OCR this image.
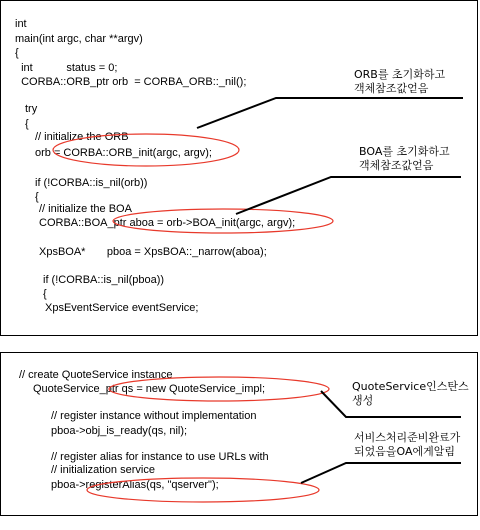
int
main(int argc, char **argv)
{
int           status = 0;
CORBA::ORB_ptr orb  = CORBA_ORB::_nil();
try
{
// initialize the ORB
orb = CORBA::ORB_init(argc, argv);
if (!CORBA::is_nil(orb))
{
// initialize the BOA
CORBA::BOA_ptr aboa = orb->BOA_init(argc, argv);
XpsBOA*       pboa = XpsBOA::_narrow(aboa);
if (!CORBA::is_nil(pboa))
{
XpsEventService eventService;
ORB를 초기화하고
객체참조값얻음
BOA를 초기화하고
객체참조값얻음
// create QuoteService instance
QuoteService_ptr qs = new QuoteService_impl;
// register instance without implementation
pboa->obj_is_ready(qs, nil);
// register alias for instance to use URLs with
// initialization service
pboa->registerAlias(qs, "qserver");
QuoteService인스탄스
생성
서비스처리준비완료가
되었음을OA에게알림
